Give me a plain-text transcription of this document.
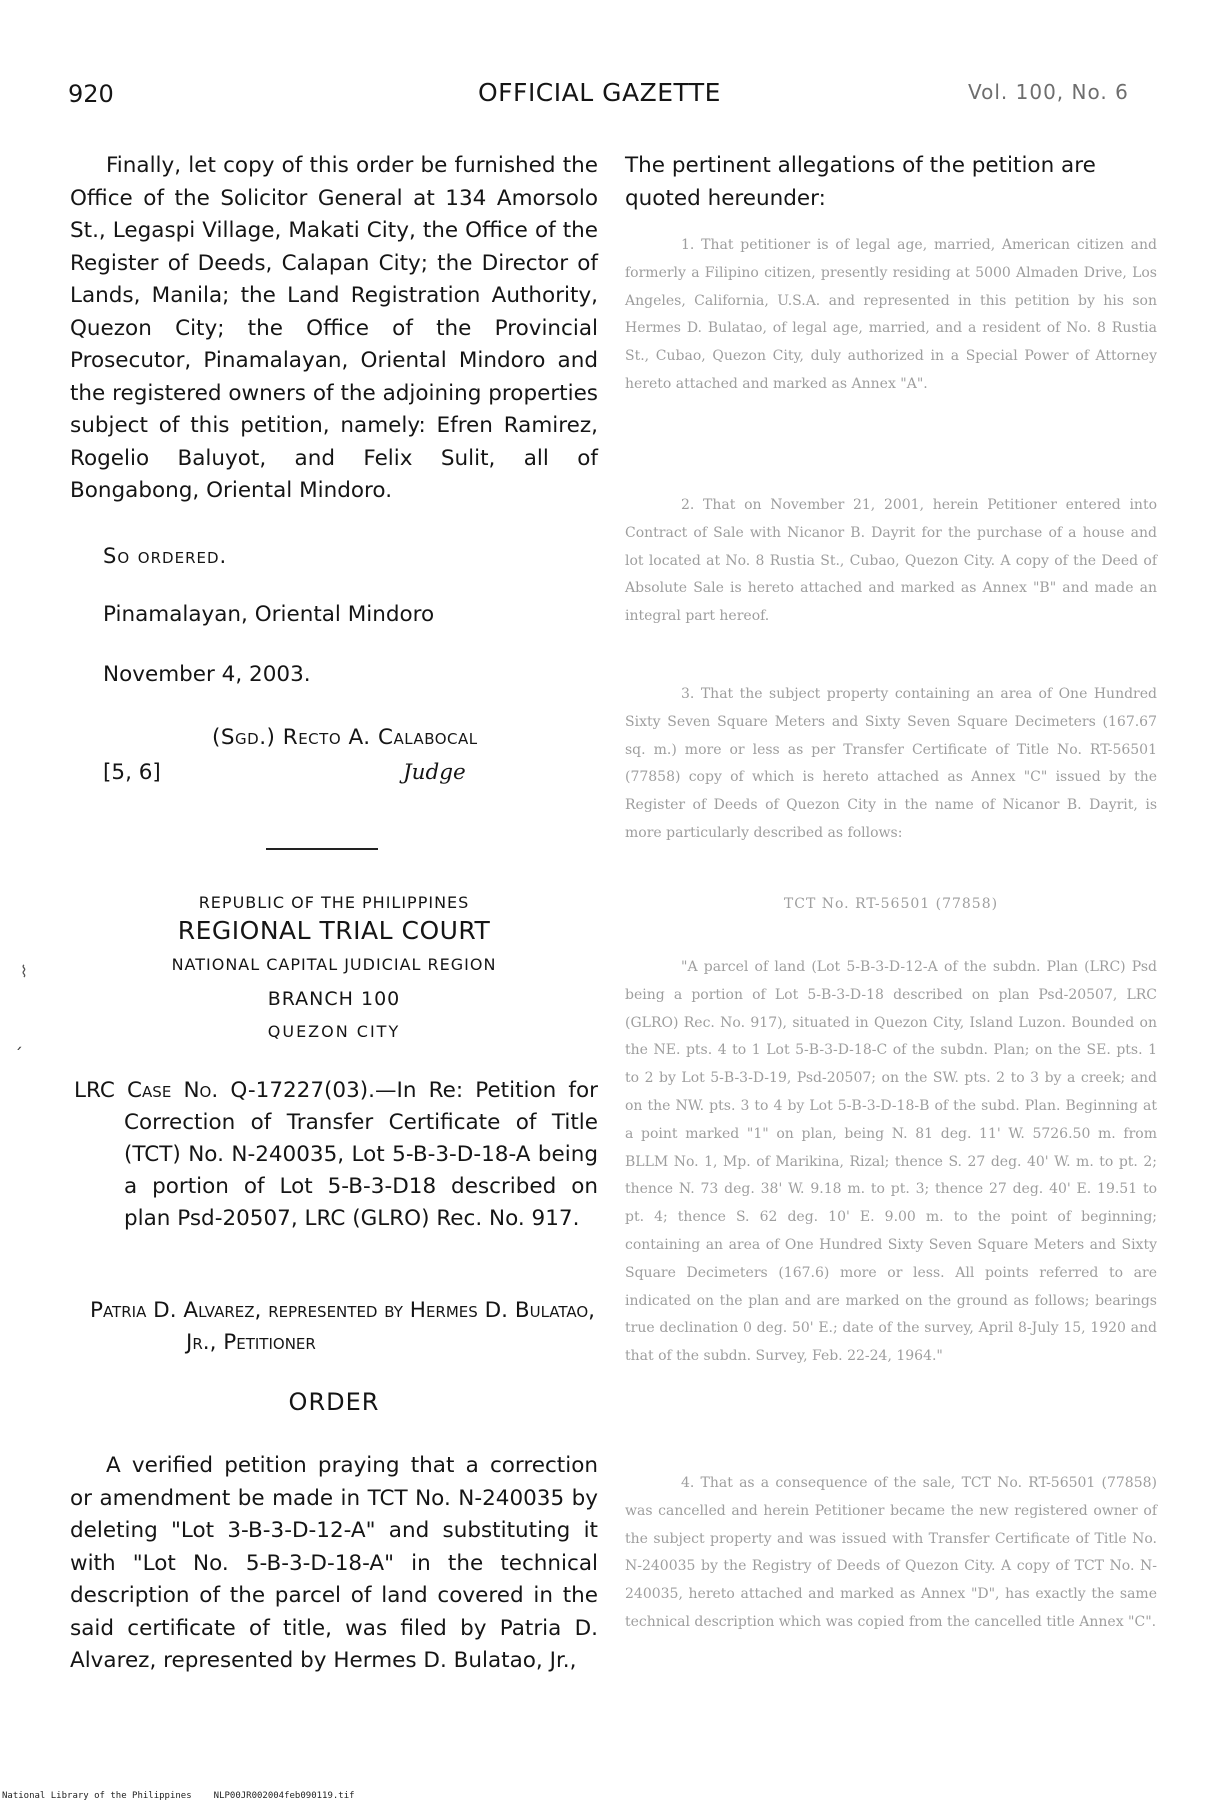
920	OFFICIAL GAZETTE	Vol. 100, No. 6

Finally, let copy of this order be furnished the Office of the Solicitor General at 134 Amorsolo St., Legaspi Village, Makati City, the Office of the Register of Deeds, Calapan City; the Director of Lands, Manila; the Land Registration Authority, Quezon City; the Office of the Provincial Prosecutor, Pinamalayan, Oriental Mindoro and the registered owners of the adjoining properties subject of this petition, namely: Efren Ramirez, Rogelio Baluyot, and Felix Sulit, all of Bongabong, Oriental Mindoro.

So ordered.
Pinamalayan, Oriental Mindoro
November 4, 2003.
(Sgd.) Recto A. Calabocal
[5, 6]	Judge
REPUBLIC OF THE PHILIPPINES
REGIONAL TRIAL COURT
NATIONAL CAPITAL JUDICIAL REGION
BRANCH 100
QUEZON CITY
LRC Case No. Q-17227(03).—In Re: Petition for Correction of Transfer Certificate of Title (TCT) No. N-240035, Lot 5-B-3-D-18-A being a portion of Lot 5-B-3-D18 described on plan Psd-20507, LRC (GLRO) Rec. No. 917.
Patria D. Alvarez, represented by Hermes D. Bulatao, Jr., Petitioner
ORDER

A verified petition praying that a correction or amendment be made in TCT No. N-240035 by deleting "Lot 3-B-3-D-12-A" and substituting it with "Lot No. 5-B-3-D-18-A" in the technical description of the parcel of land covered in the said certificate of title, was filed by Patria D. Alvarez, represented by Hermes D. Bulatao, Jr.,

⌇
ˏ

The pertinent allegations of the petition are quoted hereunder:

1. That petitioner is of legal age, married, American citizen and formerly a Filipino citizen, presently residing at 5000 Almaden Drive, Los Angeles, California, U.S.A. and represented in this petition by his son Hermes D. Bulatao, of legal age, married, and a resident of No. 8 Rustia St., Cubao, Quezon City, duly authorized in a Special Power of Attorney hereto attached and marked as Annex "A".

2. That on November 21, 2001, herein Petitioner entered into Contract of Sale with Nicanor B. Dayrit for the purchase of a house and lot located at No. 8 Rustia St., Cubao, Quezon City. A copy of the Deed of Absolute Sale is hereto attached and marked as Annex "B" and made an integral part hereof.

3. That the subject property containing an area of One Hundred Sixty Seven Square Meters and Sixty Seven Square Decimeters (167.67 sq. m.) more or less as per Transfer Certificate of Title No. RT-56501 (77858) copy of which is hereto attached as Annex "C" issued by the Register of Deeds of Quezon City in the name of Nicanor B. Dayrit, is more particularly described as follows:

TCT No. RT-56501 (77858)

"A parcel of land (Lot 5-B-3-D-12-A of the subdn. Plan (LRC) Psd being a portion of Lot 5-B-3-D-18 described on plan Psd-20507, LRC (GLRO) Rec. No. 917), situated in Quezon City, Island Luzon. Bounded on the NE. pts. 4 to 1 Lot 5-B-3-D-18-C of the subdn. Plan; on the SE. pts. 1 to 2 by Lot 5-B-3-D-19, Psd-20507; on the SW. pts. 2 to 3 by a creek; and on the NW. pts. 3 to 4 by Lot 5-B-3-D-18-B of the subd. Plan. Beginning at a point marked "1" on plan, being N. 81 deg. 11' W. 5726.50 m. from BLLM No. 1, Mp. of Marikina, Rizal; thence S. 27 deg. 40' W. m. to pt. 2; thence N. 73 deg. 38' W. 9.18 m. to pt. 3; thence 27 deg. 40' E. 19.51 to pt. 4; thence S. 62 deg. 10' E. 9.00 m. to the point of beginning; containing an area of One Hundred Sixty Seven Square Meters and Sixty Square Decimeters (167.6) more or less. All points referred to are indicated on the plan and are marked on the ground as follows; bearings true declination 0 deg. 50' E.; date of the survey, April 8-July 15, 1920 and that of the subdn. Survey, Feb. 22-24, 1964."

4. That as a consequence of the sale, TCT No. RT-56501 (77858) was cancelled and herein Petitioner became the new registered owner of the subject property and was issued with Transfer Certificate of Title No. N-240035 by the Registry of Deeds of Quezon City. A copy of TCT No. N-240035, hereto attached and marked as Annex "D", has exactly the same technical description which was copied from the cancelled title Annex "C".

National Library of the Philippines NLP00JR002004feb090119.tif
